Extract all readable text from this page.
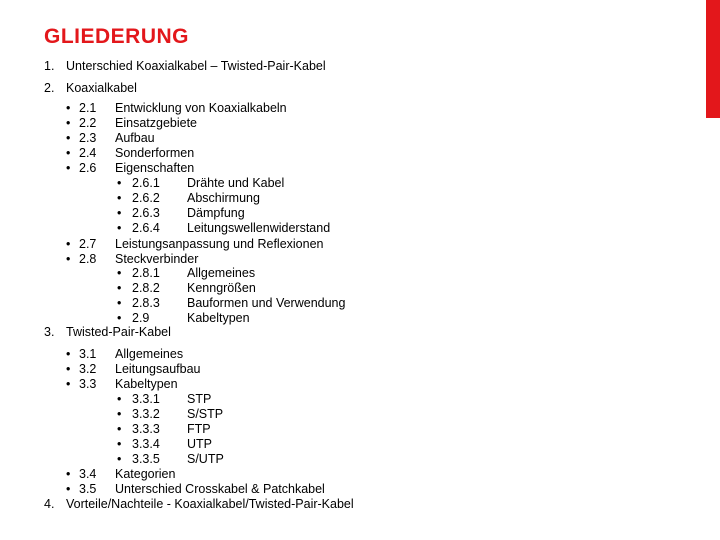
GLIEDERUNG
1. Unterschied Koaxialkabel – Twisted-Pair-Kabel
2. Koaxialkabel
• 2.1 Entwicklung von Koaxialkabeln
• 2.2 Einsatzgebiete
• 2.3 Aufbau
• 2.4 Sonderformen
• 2.6 Eigenschaften
• 2.6.1 Drähte und Kabel
• 2.6.2 Abschirmung
• 2.6.3 Dämpfung
• 2.6.4 Leitungswellenwiderstand
• 2.7 Leistungsanpassung und Reflexionen
• 2.8 Steckverbinder
• 2.8.1 Allgemeines
• 2.8.2 Kenngrößen
• 2.8.3 Bauformen und Verwendung
• 2.9	Kabeltypen
3. Twisted-Pair-Kabel
• 3.1 Allgemeines
• 3.2 Leitungsaufbau
• 3.3 Kabeltypen
• 3.3.1 STP
• 3.3.2 S/STP
• 3.3.3 FTP
• 3.3.4 UTP
• 3.3.5 S/UTP
• 3.4 Kategorien
• 3.5 Unterschied Crosskabel & Patchkabel
4. Vorteile/Nachteile - Koaxialkabel/Twisted-Pair-Kabel
